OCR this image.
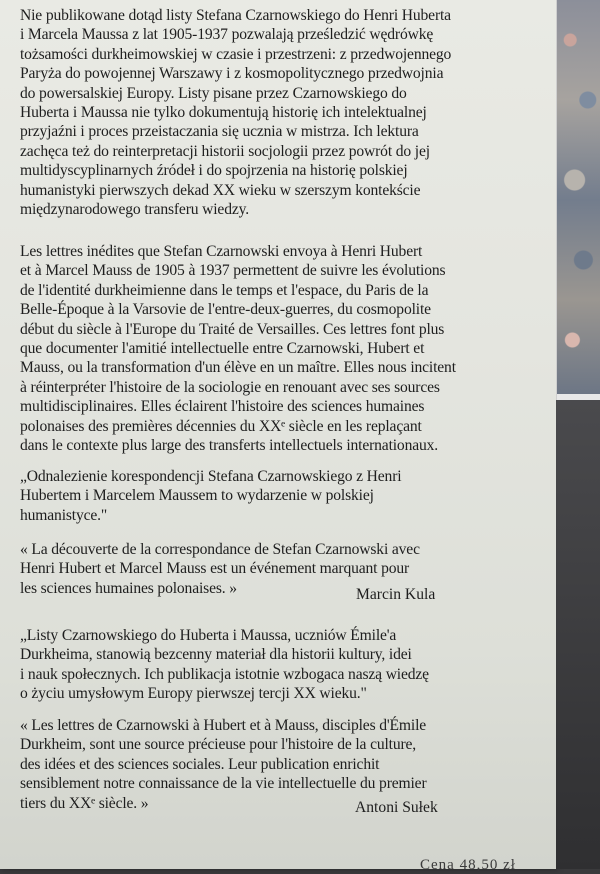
Nie publikowane dotąd listy Stefana Czarnowskiego do Henri Huberta
i Marcela Maussa z lat 1905-1937 pozwalają prześledzić wędrówkę
tożsamości durkheimowskiej w czasie i przestrzeni: z przedwojennego
Paryża do powojennej Warszawy i z kosmopolitycznego przedwojnia
do powersalskiej Europy. Listy pisane przez Czarnowskiego do
Huberta i Maussa nie tylko dokumentują historię ich intelektualnej
przyjaźni i proces przeistaczania się ucznia w mistrza. Ich lektura
zachęca też do reinterpretacji historii socjologii przez powrót do jej
multidyscyplinarnych źródeł i do spojrzenia na historię polskiej
humanistyki pierwszych dekad XX wieku w szerszym kontekście
międzynarodowego transferu wiedzy.
Les lettres inédites que Stefan Czarnowski envoya à Henri Hubert
et à Marcel Mauss de 1905 à 1937 permettent de suivre les évolutions
de l'identité durkheimienne dans le temps et l'espace, du Paris de la
Belle-Époque à la Varsovie de l'entre-deux-guerres, du cosmopolite
début du siècle à l'Europe du Traité de Versailles. Ces lettres font plus
que documenter l'amitié intellectuelle entre Czarnowski, Hubert et
Mauss, ou la transformation d'un élève en un maître. Elles nous incitent
à réinterpréter l'histoire de la sociologie en renouant avec ses sources
multidisciplinaires. Elles éclairent l'histoire des sciences humaines
polonaises des premières décennies du XXᵉ siècle en les replaçant
dans le contexte plus large des transferts intellectuels internationaux.
„Odnalezienie korespondencji Stefana Czarnowskiego z Henri
Hubertem i Marcelem Maussem to wydarzenie w polskiej
humanistyce."
« La découverte de la correspondance de Stefan Czarnowski avec
Henri Hubert et Marcel Mauss est un événement marquant pour
les sciences humaines polonaises. »	Marcin Kula
„Listy Czarnowskiego do Huberta i Maussa, uczniów Émile'a
Durkheima, stanowią bezcenny materiał dla historii kultury, idei
i nauk społecznych. Ich publikacja istotnie wzbogaca naszą wiedzę
o życiu umysłowym Europy pierwszej tercji XX wieku."
« Les lettres de Czarnowski à Hubert et à Mauss, disciples d'Émile
Durkheim, sont une source précieuse pour l'histoire de la culture,
des idées et des sciences sociales. Leur publication enrichit
sensiblement notre connaissance de la vie intellectuelle du premier
tiers du XXᵉ siècle. »	Antoni Sułek
Cena 48,50 zł
